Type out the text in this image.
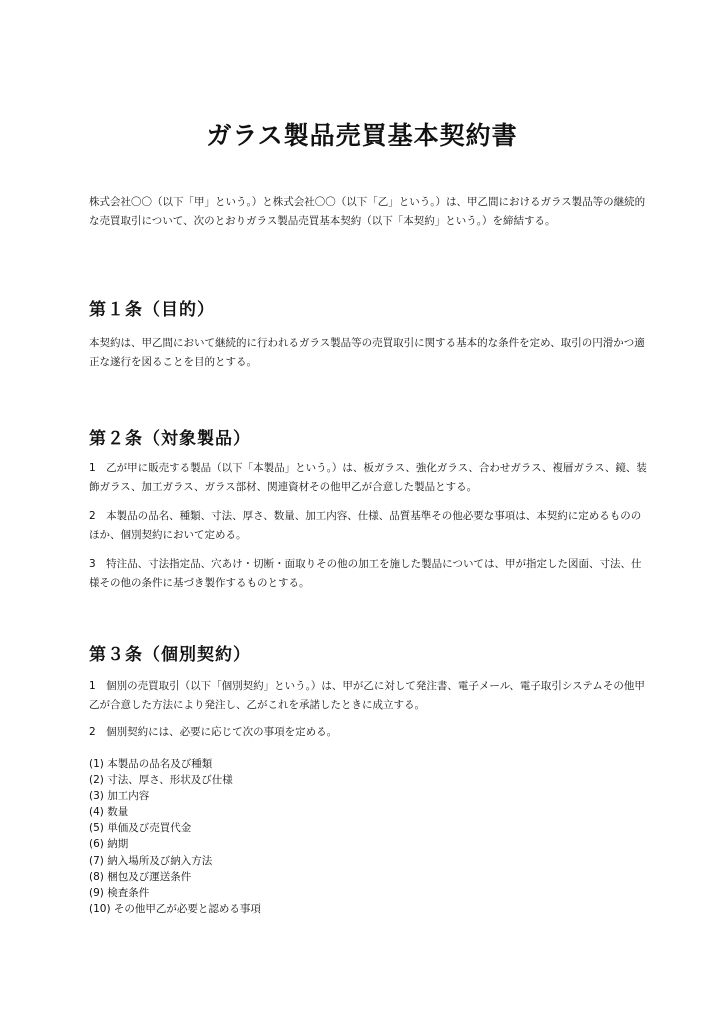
ガラス製品売買基本契約書

株式会社〇〇（以下「甲」という。）と株式会社〇〇（以下「乙」という。）は、甲乙間におけるガラス製品等の継続的な売買取引について、次のとおりガラス製品売買基本契約（以下「本契約」という。）を締結する。

第１条（目的）

本契約は、甲乙間において継続的に行われるガラス製品等の売買取引に関する基本的な条件を定め、取引の円滑かつ適正な遂行を図ることを目的とする。

第２条（対象製品）

1　乙が甲に販売する製品（以下「本製品」という。）は、板ガラス、強化ガラス、合わせガラス、複層ガラス、鏡、装飾ガラス、加工ガラス、ガラス部材、関連資材その他甲乙が合意した製品とする。

2　本製品の品名、種類、寸法、厚さ、数量、加工内容、仕様、品質基準その他必要な事項は、本契約に定めるもののほか、個別契約において定める。

3　特注品、寸法指定品、穴あけ・切断・面取りその他の加工を施した製品については、甲が指定した図面、寸法、仕様その他の条件に基づき製作するものとする。

第３条（個別契約）

1　個別の売買取引（以下「個別契約」という。）は、甲が乙に対して発注書、電子メール、電子取引システムその他甲乙が合意した方法により発注し、乙がこれを承諾したときに成立する。

2　個別契約には、必要に応じて次の事項を定める。

(1) 本製品の品名及び種類
(2) 寸法、厚さ、形状及び仕様
(3) 加工内容
(4) 数量
(5) 単価及び売買代金
(6) 納期
(7) 納入場所及び納入方法
(8) 梱包及び運送条件
(9) 検査条件
(10) その他甲乙が必要と認める事項
